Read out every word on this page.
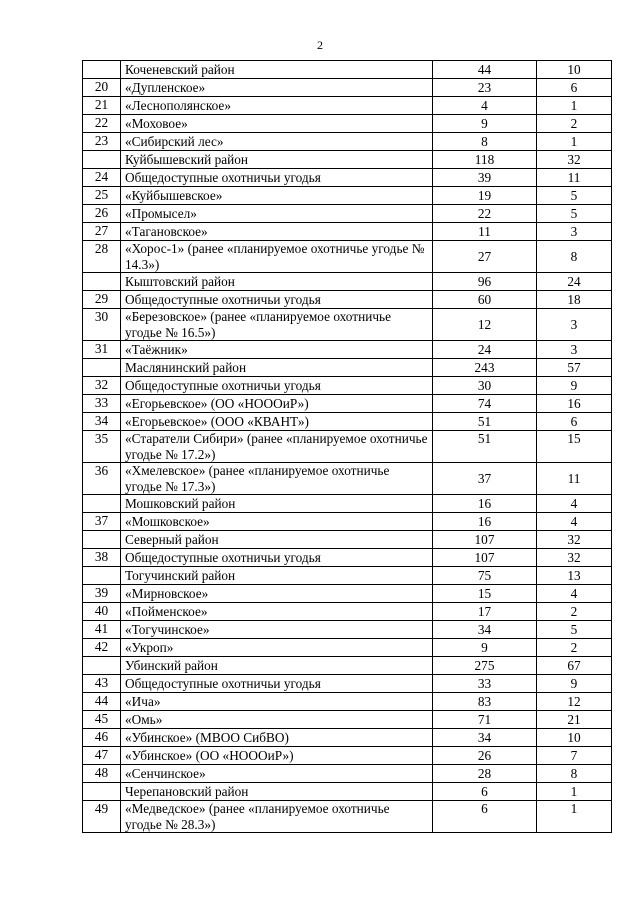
2
	Коченевский район	44	10
20	«Дупленское»	23	6
21	«Леснополянское»	4	1
22	«Моховое»	9	2
23	«Сибирский лес»	8	1
	Куйбышевский район	118	32
24	Общедоступные охотничьи угодья	39	11
25	«Куйбышевское»	19	5
26	«Промысел»	22	5
27	«Тагановское»	11	3
28	«Хорос-1» (ранее «планируемое охотничье угодье № 14.3»)	27	8
	Кыштовский район	96	24
29	Общедоступные охотничьи угодья	60	18
30	«Березовское» (ранее «планируемое охотничье угодье № 16.5»)	12	3
31	«Таёжник»	24	3
	Маслянинский район	243	57
32	Общедоступные охотничьи угодья	30	9
33	«Егорьевское» (ОО «НОООиР»)	74	16
34	«Егорьевское» (ООО «КВАНТ»)	51	6
35	«Старатели Сибири» (ранее «планируемое охотничье угодье № 17.2»)	51	15
36	«Хмелевское» (ранее «планируемое охотничье угодье № 17.3»)	37	11
	Мошковский район	16	4
37	«Мошковское»	16	4
	Северный район	107	32
38	Общедоступные охотничьи угодья	107	32
	Тогучинский район	75	13
39	«Мирновское»	15	4
40	«Поймeнское»	17	2
41	«Тогучинское»	34	5
42	«Укроп»	9	2
	Убинский район	275	67
43	Общедоступные охотничьи угодья	33	9
44	«Ича»	83	12
45	«Омь»	71	21
46	«Убинское» (МВОО СибВО)	34	10
47	«Убинское» (ОО «НОООиР»)	26	7
48	«Сенчинское»	28	8
	Черепановский район	6	1
49	«Медведское» (ранее «планируемое охотничье угодье № 28.3»)	6	1
